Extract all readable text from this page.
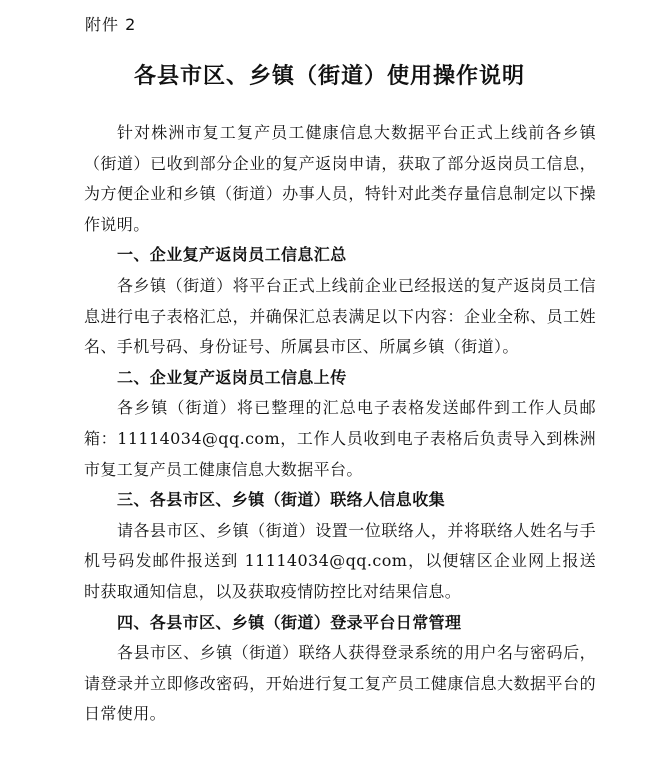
附件 2
各县市区、乡镇（街道）使用操作说明

针对株洲市复工复产员工健康信息大数据平台正式上线前各乡镇（街道）已收到部分企业的复产返岗申请，获取了部分返岗员工信息，为方便企业和乡镇（街道）办事人员，特针对此类存量信息制定以下操作说明。

一、企业复产返岗员工信息汇总

各乡镇（街道）将平台正式上线前企业已经报送的复产返岗员工信息进行电子表格汇总，并确保汇总表满足以下内容：企业全称、员工姓名、手机号码、身份证号、所属县市区、所属乡镇（街道）。

二、企业复产返岗员工信息上传

各乡镇（街道）将已整理的汇总电子表格发送邮件到工作人员邮箱：11114034@qq.com，工作人员收到电子表格后负责导入到株洲市复工复产员工健康信息大数据平台。

三、各县市区、乡镇（街道）联络人信息收集

请各县市区、乡镇（街道）设置一位联络人，并将联络人姓名与手机号码发邮件报送到 11114034@qq.com，以便辖区企业网上报送时获取通知信息，以及获取疫情防控比对结果信息。

四、各县市区、乡镇（街道）登录平台日常管理

各县市区、乡镇（街道）联络人获得登录系统的用户名与密码后，请登录并立即修改密码，开始进行复工复产员工健康信息大数据平台的日常使用。
